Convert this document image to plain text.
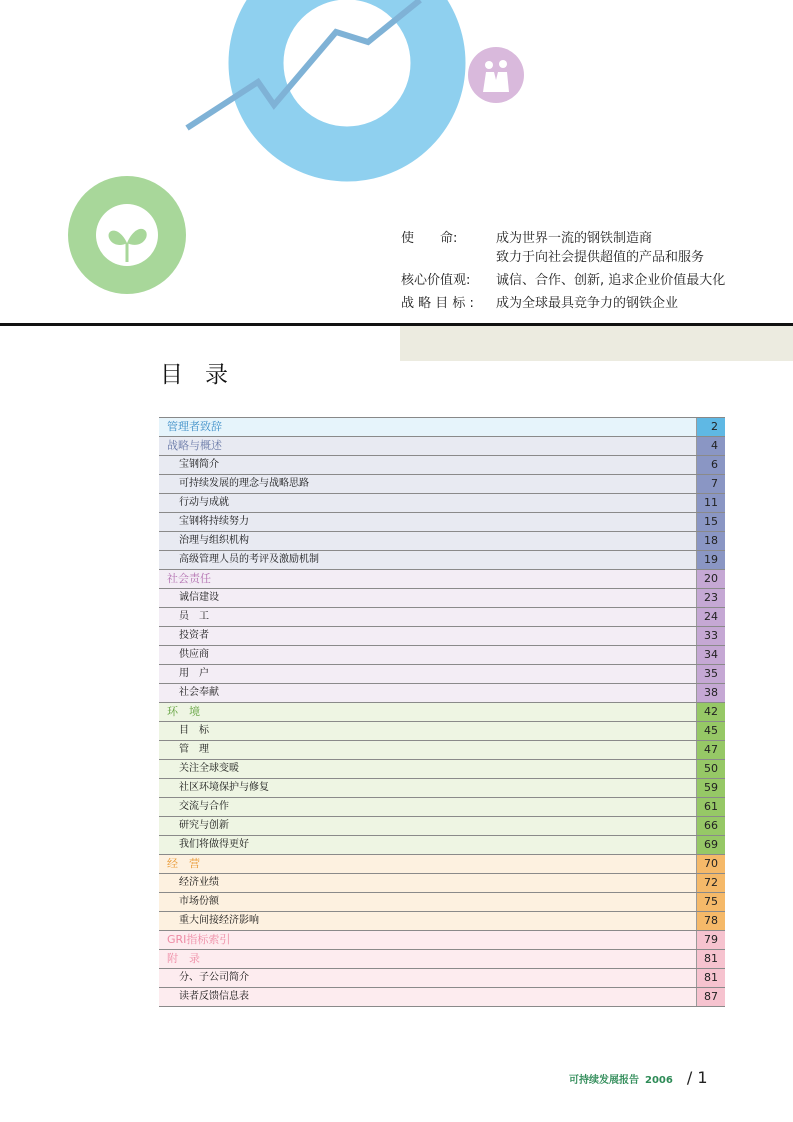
使　　命:	成为世界一流的钢铁制造商
致力于向社会提供超值的产品和服务
核心价值观:	诚信、合作、创新, 追求企业价值最大化
战 略 目 标 :	成为全球最具竞争力的钢铁企业
目录
管理者致辞	2
战略与概述	4
宝钢简介	6
可持续发展的理念与战略思路	7
行动与成就	11
宝钢将持续努力	15
治理与组织机构	18
高级管理人员的考评及激励机制	19
社会责任	20
诚信建设	23
员　工	24
投资者	33
供应商	34
用　户	35
社会奉献	38
环　境	42
目　标	45
管　理	47
关注全球变暖	50
社区环境保护与修复	59
交流与合作	61
研究与创新	66
我们将做得更好	69
经　营	70
经济业绩	72
市场份额	75
重大间接经济影响	78
GRI指标索引	79
附　录	81
分、子公司简介	81
读者反馈信息表	87
可持续发展报告 2006 / 1
